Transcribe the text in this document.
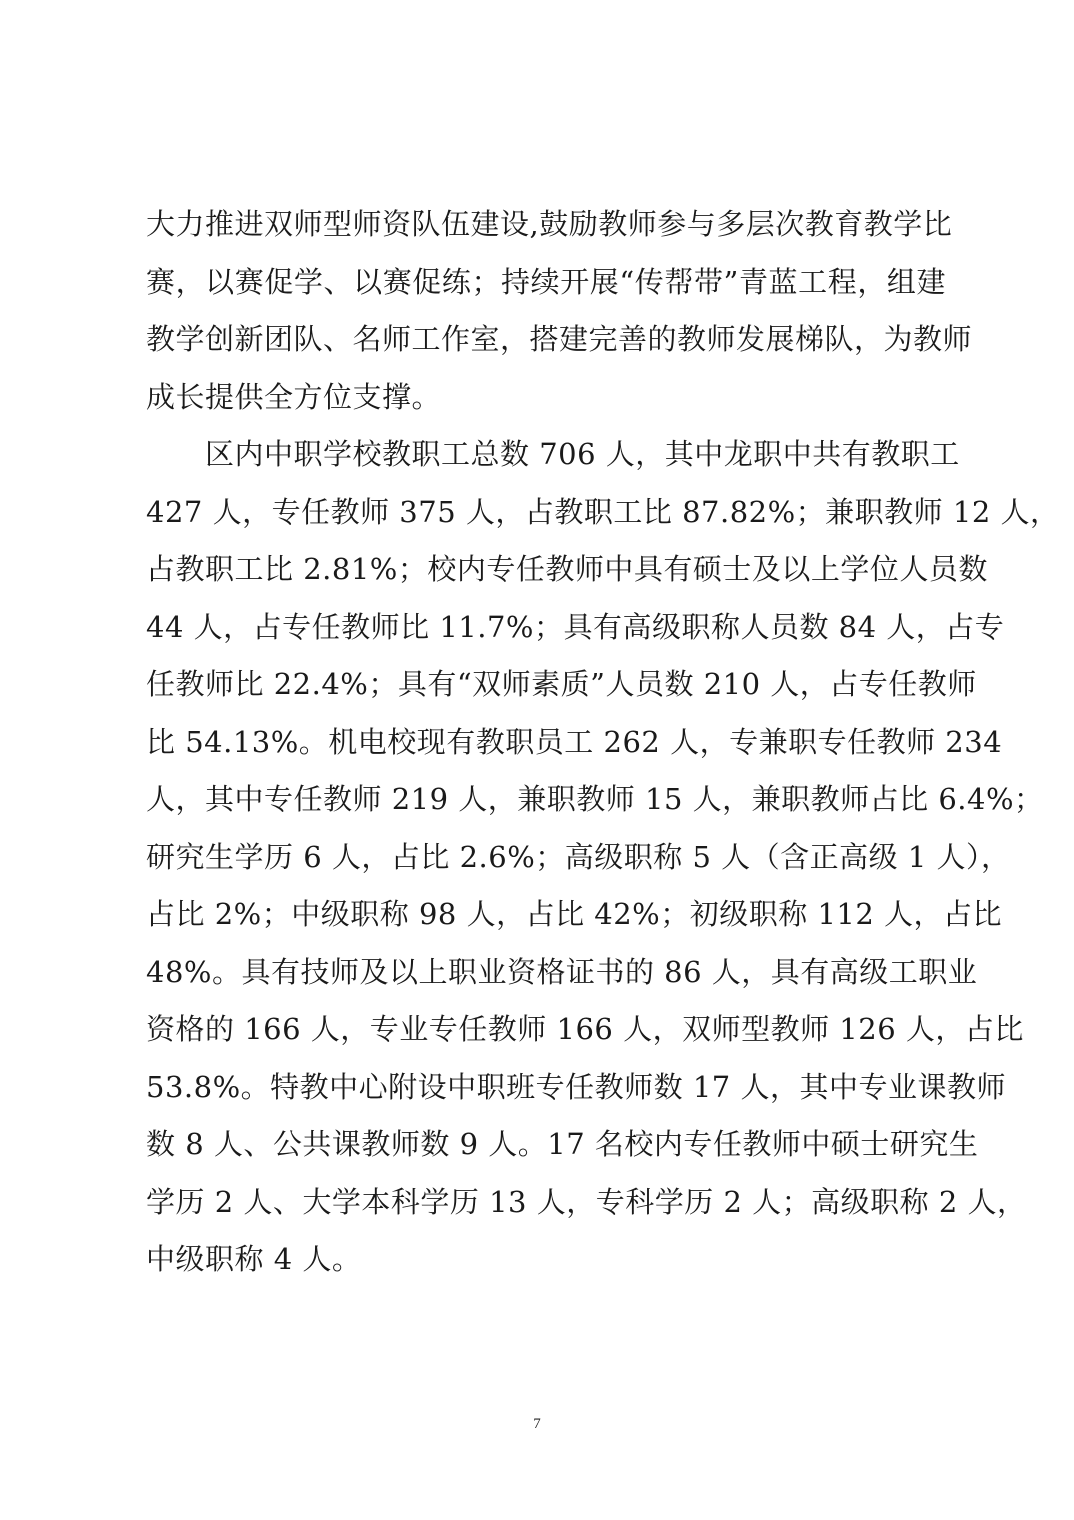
大力推进双师型师资队伍建设,鼓励教师参与多层次教育教学比
赛，以赛促学、以赛促练；持续开展“传帮带”青蓝工程，组建
教学创新团队、名师工作室，搭建完善的教师发展梯队，为教师
成长提供全方位支撑。
　　区内中职学校教职工总数 706 人，其中龙职中共有教职工
427 人，专任教师 375 人，占教职工比 87.82%；兼职教师 12 人，
占教职工比 2.81%；校内专任教师中具有硕士及以上学位人员数
44 人，占专任教师比 11.7%；具有高级职称人员数 84 人，占专
任教师比 22.4%；具有“双师素质”人员数 210 人，占专任教师
比 54.13%。机电校现有教职员工 262 人，专兼职专任教师 234
人，其中专任教师 219 人，兼职教师 15 人，兼职教师占比 6.4%；
研究生学历 6 人，占比 2.6%；高级职称 5 人（含正高级 1 人），
占比 2%；中级职称 98 人，占比 42%；初级职称 112 人，占比
48%。具有技师及以上职业资格证书的 86 人，具有高级工职业
资格的 166 人，专业专任教师 166 人，双师型教师 126 人，占比
53.8%。特教中心附设中职班专任教师数 17 人，其中专业课教师
数 8 人、公共课教师数 9 人。17 名校内专任教师中硕士研究生
学历 2 人、大学本科学历 13 人，专科学历 2 人；高级职称 2 人，
中级职称 4 人。
7
